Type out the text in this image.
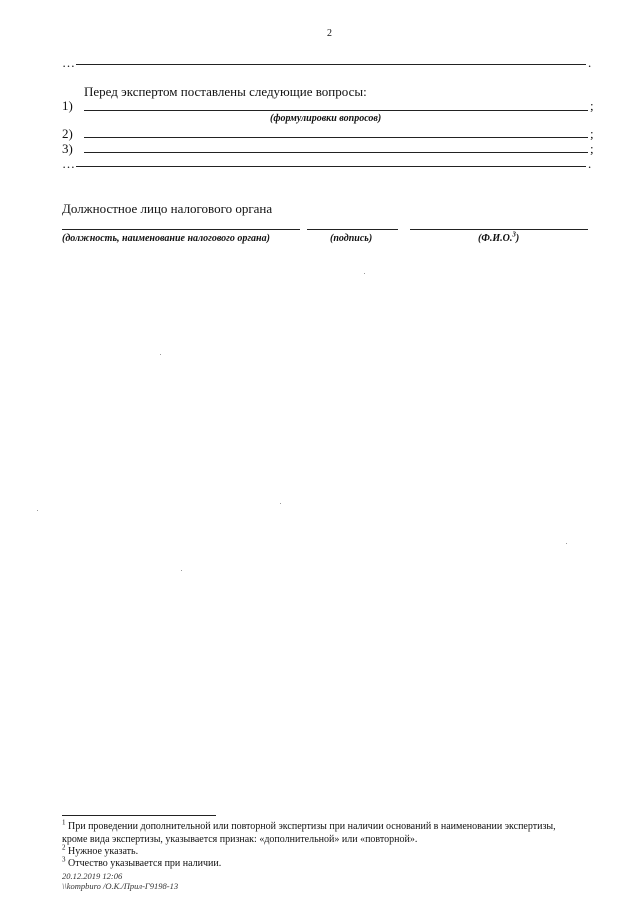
2
…	.
Перед экспертом поставлены следующие вопросы:
1)	;
(формулировки вопросов)
2)	;
3)	;
…	.
Должностное лицо налогового органа
(должность, наименование налогового органа)	(подпись)	(Ф.И.О.$^3$)
$^1$ При проведении дополнительной или повторной экспертизы при наличии оснований в наименовании экспертизы,
кроме вида экспертизы, указывается признак: «дополнительной» или «повторной».
$^2$ Нужное указать.
$^3$ Отчество указывается при наличии.
20.12.2019 12:06
\\kompburo /О.К./Прил-Г9198-13
